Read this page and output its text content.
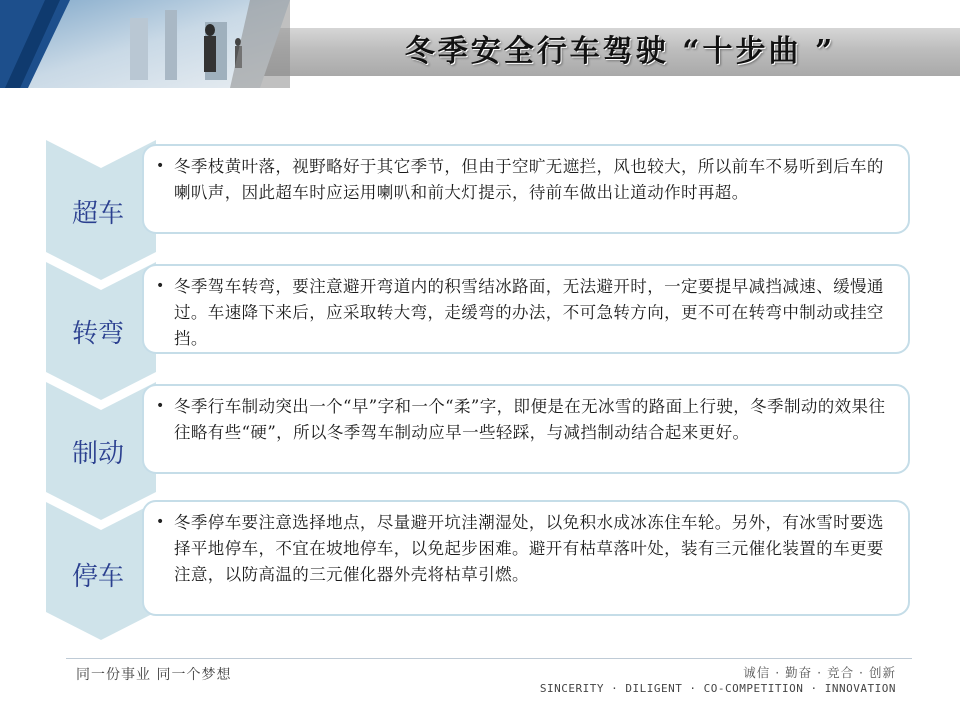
冬季安全行车驾驶 “十步曲 ”
超车
转弯
制动
停车
• 冬季枝黄叶落，视野略好于其它季节，但由于空旷无遮拦，风也较大，所以前车不易听到后车的喇叭声，因此超车时应运用喇叭和前大灯提示，待前车做出让道动作时再超。
• 冬季驾车转弯，要注意避开弯道内的积雪结冰路面，无法避开时，一定要提早减挡减速、缓慢通过。车速降下来后，应采取转大弯，走缓弯的办法，不可急转方向，更不可在转弯中制动或挂空挡。
• 冬季行车制动突出一个“早”字和一个“柔”字，即便是在无冰雪的路面上行驶，冬季制动的效果往往略有些“硬”，所以冬季驾车制动应早一些轻踩，与减挡制动结合起来更好。
• 冬季停车要注意选择地点，尽量避开坑洼潮湿处，以免积水成冰冻住车轮。另外，有冰雪时要选择平地停车，不宜在坡地停车，以免起步困难。避开有枯草落叶处，装有三元催化装置的车更要注意，以防高温的三元催化器外壳将枯草引燃。
同一份事业 同一个梦想	诚信 · 勤奋 · 竞合 · 创新
SINCERITY · DILIGENT · CO-COMPETITION · INNOVATION
